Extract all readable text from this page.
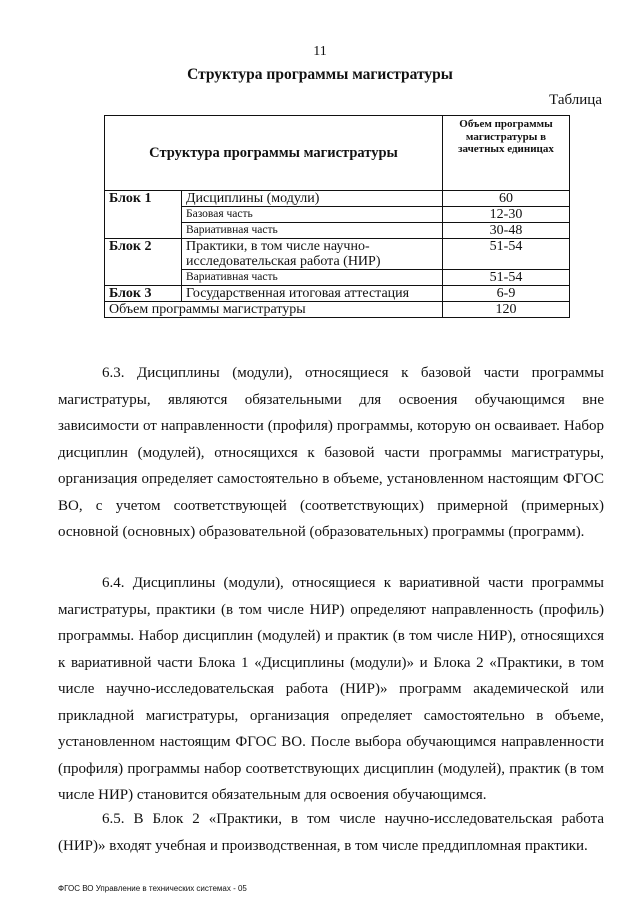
11
Структура программы магистратуры
Таблица
Структура программы магистратуры		Объем программы магистратуры в зачетных единицах
Блок 1	Дисциплины (модули)	60
	Базовая часть	12-30
	Вариативная часть	30-48
Блок 2	Практики, в том числе научно-исследовательская работа (НИР)	51-54
	Вариативная часть	51-54
Блок 3	Государственная итоговая аттестация	6-9
Объем программы магистратуры		120

6.3. Дисциплины (модули), относящиеся к базовой части программы магистратуры, являются обязательными для освоения обучающимся вне зависимости от направленности (профиля) программы, которую он осваивает. Набор дисциплин (модулей), относящихся к базовой части программы магистратуры, организация определяет самостоятельно в объеме, установленном настоящим ФГОС ВО, с учетом соответствующей (соответствующих) примерной (примерных) основной (основных) образовательной (образовательных) программы (программ).

6.4. Дисциплины (модули), относящиеся к вариативной части программы магистратуры, практики (в том числе НИР) определяют направленность (профиль) программы. Набор дисциплин (модулей) и практик (в том числе НИР), относящихся к вариативной части Блока 1 «Дисциплины (модули)» и Блока 2 «Практики, в том числе научно-исследовательская работа (НИР)» программ академической или прикладной магистратуры, организация определяет самостоятельно в объеме, установленном настоящим ФГОС ВО. После выбора обучающимся направленности (профиля) программы набор соответствующих дисциплин (модулей), практик (в том числе НИР) становится обязательным для освоения обучающимся.

6.5. В Блок 2 «Практики, в том числе научно-исследовательская работа (НИР)» входят учебная и производственная, в том числе преддипломная практики.

ФГОС ВО Управление в технических системах - 05
